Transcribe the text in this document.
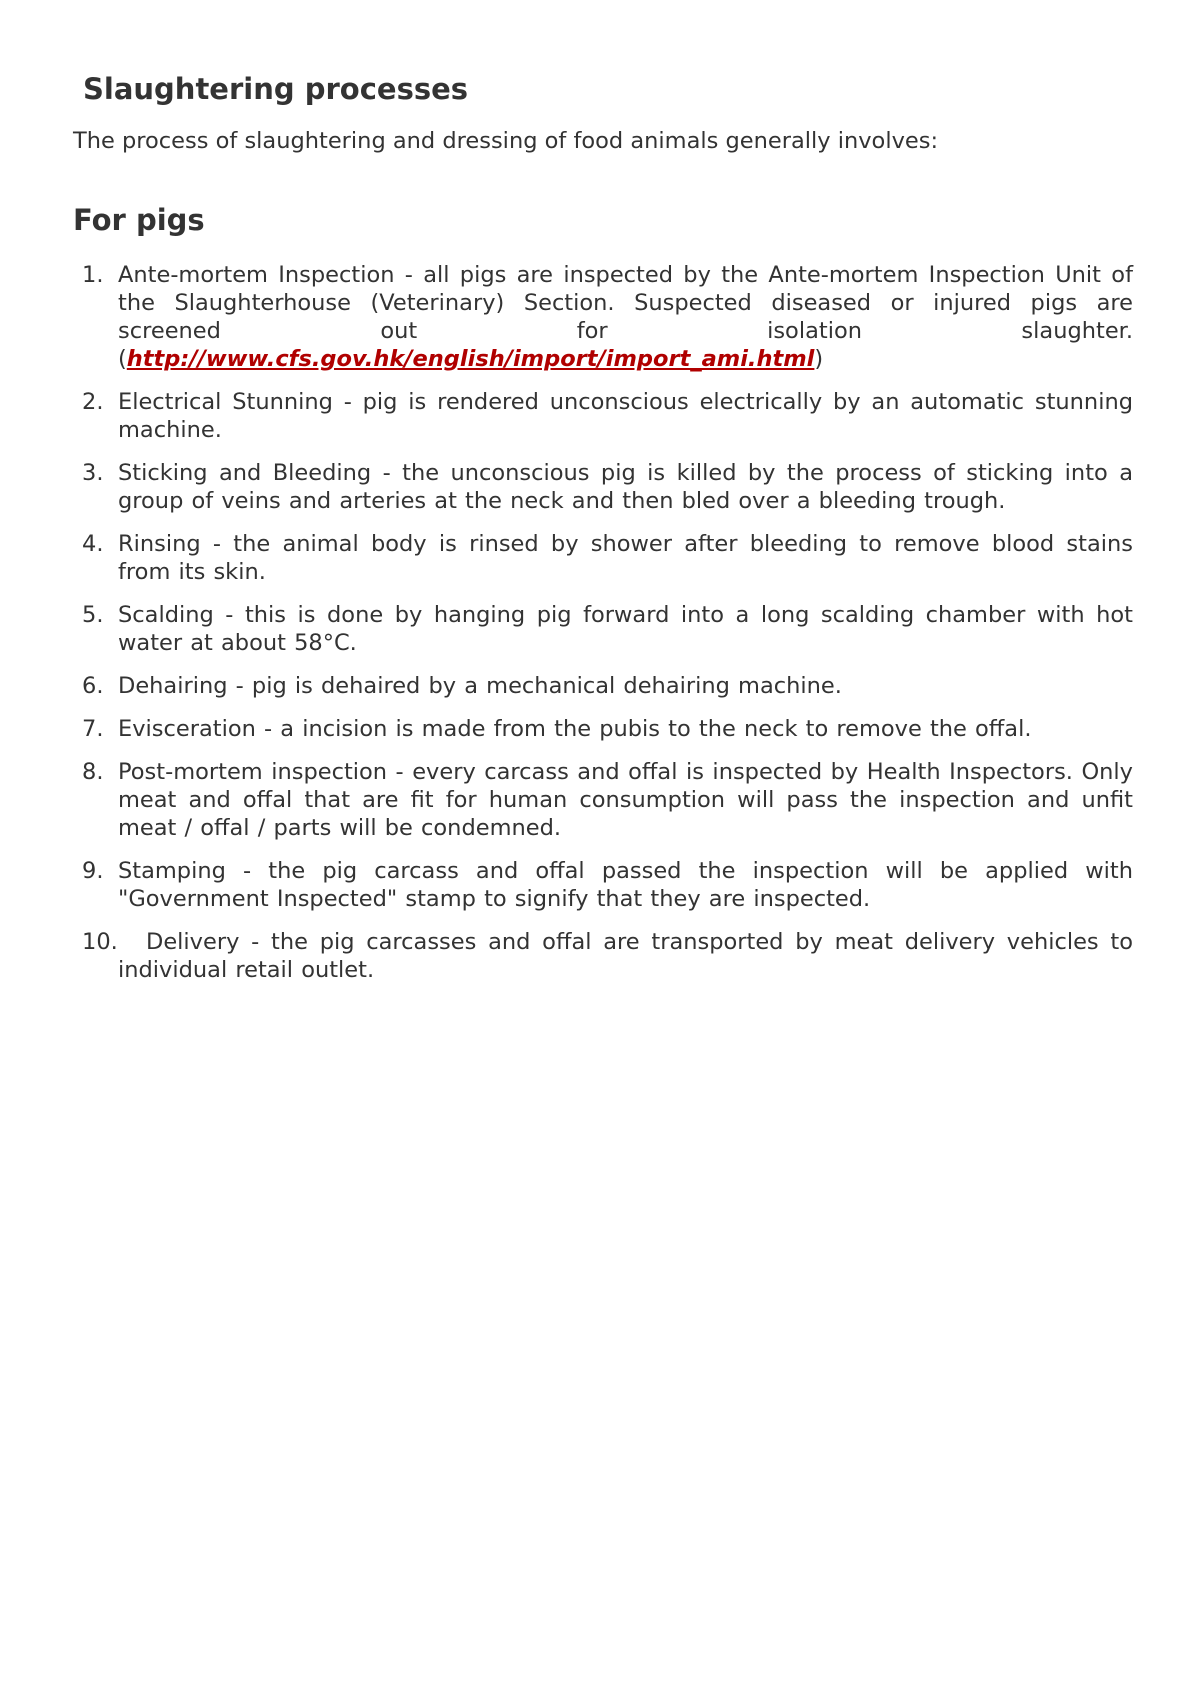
Slaughtering processes

The process of slaughtering and dressing of food animals generally involves:

For pigs
1. Ante-mortem Inspection - all pigs are inspected by the Ante-mortem Inspection Unit of the Slaughterhouse (Veterinary) Section. Suspected diseased or injured pigs are screened out for isolation slaughter. (http://www.cfs.gov.hk/english/import/import_ami.html)
2. Electrical Stunning - pig is rendered unconscious electrically by an automatic stunning machine.
3. Sticking and Bleeding - the unconscious pig is killed by the process of sticking into a group of veins and arteries at the neck and then bled over a bleeding trough.
4. Rinsing - the animal body is rinsed by shower after bleeding to remove blood stains from its skin.
5. Scalding - this is done by hanging pig forward into a long scalding chamber with hot water at about 58°C.
6. Dehairing - pig is dehaired by a mechanical dehairing machine.
7. Evisceration - a incision is made from the pubis to the neck to remove the offal.
8. Post-mortem inspection - every carcass and offal is inspected by Health Inspectors. Only meat and offal that are fit for human consumption will pass the inspection and unfit meat / offal / parts will be condemned.
9. Stamping - the pig carcass and offal passed the inspection will be applied with "Government Inspected" stamp to signify that they are inspected.
10. Delivery - the pig carcasses and offal are transported by meat delivery vehicles to individual retail outlet.
